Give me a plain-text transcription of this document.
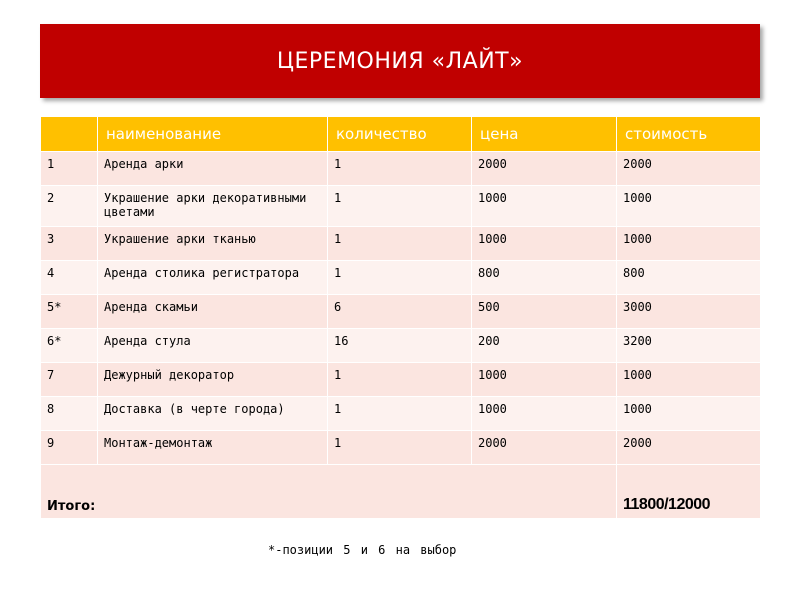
ЦЕРЕМОНИЯ «ЛАЙТ»
	наименование	количество	цена	стоимость
1	Аренда арки	1	2000	2000
2	Украшение арки декоративными цветами	1	1000	1000
3	Украшение арки тканью	1	1000	1000
4	Аренда столика регистратора	1	800	800
5*	Аренда скамьи	6	500	3000
6*	Аренда стула	16	200	3200
7	Дежурный декоратор	1	1000	1000
8	Доставка (в черте города)	1	1000	1000
9	Монтаж-демонтаж	1	2000	2000
Итого:				11800/12000
*-позиции 5 и 6 на выбор
